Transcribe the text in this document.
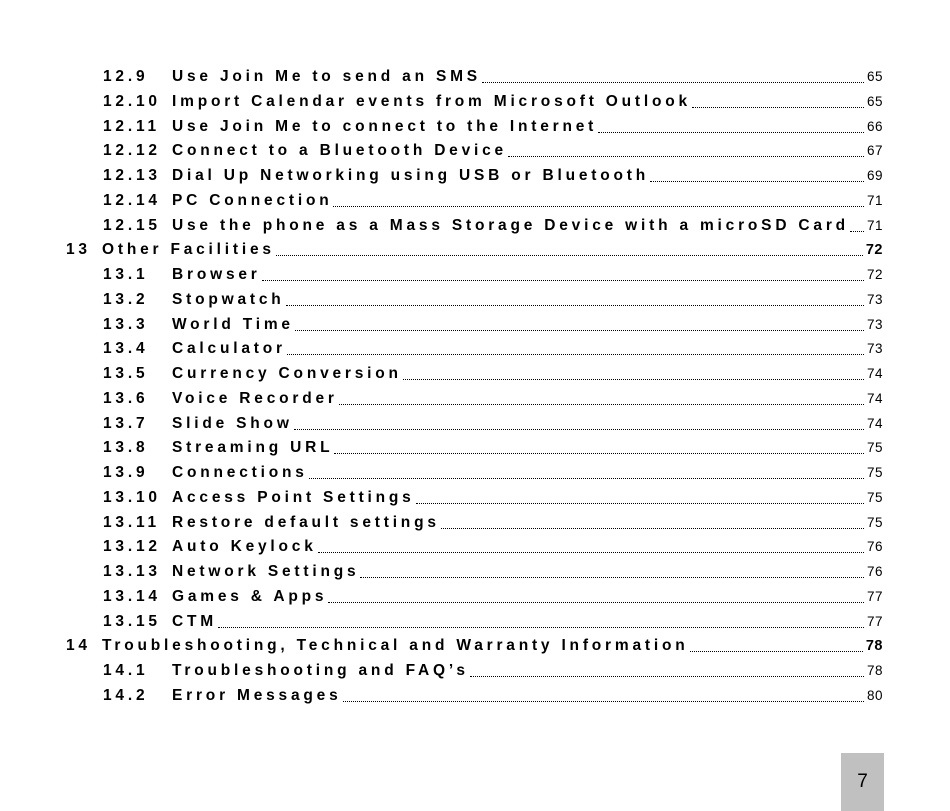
12.9 Use Join Me to send an SMS	65
12.10 Import Calendar events from Microsoft Outlook	65
12.11 Use Join Me to connect to the Internet	66
12.12 Connect to a Bluetooth Device	67
12.13 Dial Up Networking using USB or Bluetooth	69
12.14 PC Connection	71
12.15 Use the phone as a Mass Storage Device with a microSD Card 71
13 Other Facilities	72
13.1 Browser	72
13.2 Stopwatch	73
13.3 World Time	73
13.4 Calculator	73
13.5 Currency Conversion	74
13.6 Voice Recorder	74
13.7 Slide Show	74
13.8 Streaming URL	75
13.9 Connections	75
13.10 Access Point Settings	75
13.11 Restore default settings	75
13.12 Auto Keylock	76
13.13 Network Settings	76
13.14 Games & Apps	77
13.15 CTM	77
14 Troubleshooting, Technical and Warranty Information	78
14.1 Troubleshooting and FAQ’s	78
14.2 Error Messages	80
7
